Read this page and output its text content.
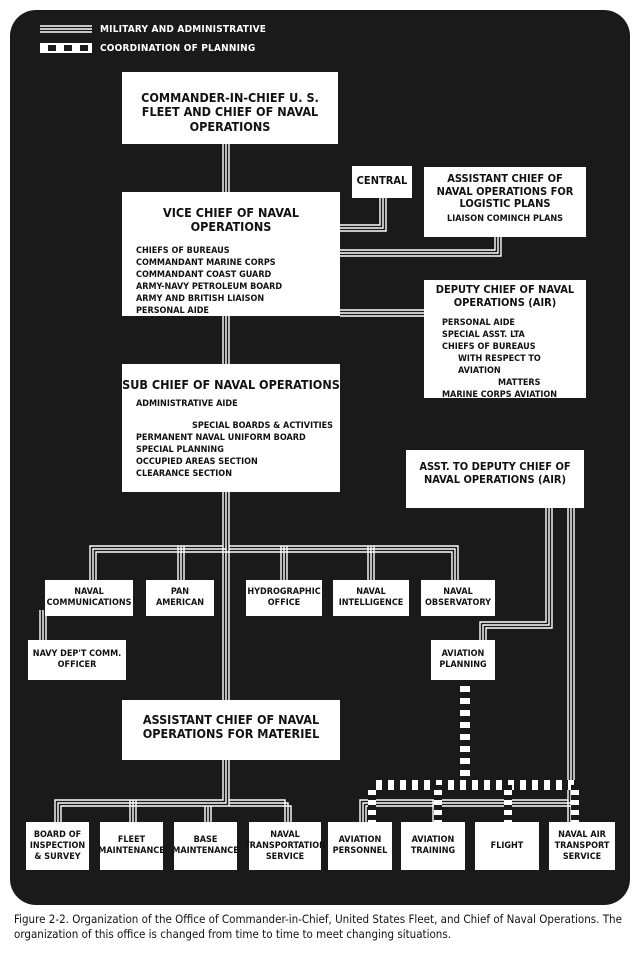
MILITARY AND ADMINISTRATIVE
COORDINATION OF PLANNING
COMMANDER-IN-CHIEF U. S. FLEET AND CHIEF OF NAVAL OPERATIONS
CENTRAL	ASSISTANT CHIEF OF NAVAL OPERATIONS FOR LOGISTIC PLANS
LIAISON COMINCH PLANS
VICE CHIEF OF NAVAL OPERATIONS
CHIEFS OF BUREAUS
COMMANDANT MARINE CORPS
COMMANDANT COAST GUARD
ARMY-NAVY PETROLEUM BOARD
ARMY AND BRITISH LIAISON
PERSONAL AIDE
DEPUTY CHIEF OF NAVAL OPERATIONS (AIR)
PERSONAL AIDE
SPECIAL ASST. LTA
CHIEFS OF BUREAUS
WITH RESPECT TO AVIATION
MATTERS
MARINE CORPS AVIATION
SUB CHIEF OF NAVAL OPERATIONS
ADMINISTRATIVE AIDE
SPECIAL BOARDS & ACTIVITIES
PERMANENT NAVAL UNIFORM BOARD
SPECIAL PLANNING
OCCUPIED AREAS SECTION
CLEARANCE SECTION
ASST. TO DEPUTY CHIEF OF NAVAL OPERATIONS (AIR)
NAVAL COMMUNICATIONS
PAN AMERICAN
HYDROGRAPHIC OFFICE
NAVAL INTELLIGENCE
NAVAL OBSERVATORY
NAVY DEP'T COMM. OFFICER
AVIATION PLANNING
ASSISTANT CHIEF OF NAVAL OPERATIONS FOR MATERIEL
BOARD OF INSPECTION & SURVEY
FLEET MAINTENANCE
BASE MAINTENANCE
NAVAL TRANSPORTATION SERVICE
AVIATION PERSONNEL
AVIATION TRAINING
FLIGHT
NAVAL AIR TRANSPORT SERVICE
Figure 2-2. Organization of the Office of Commander-in-Chief, United States Fleet, and Chief of Naval Operations. The organization of this office is changed from time to time to meet changing situations.
